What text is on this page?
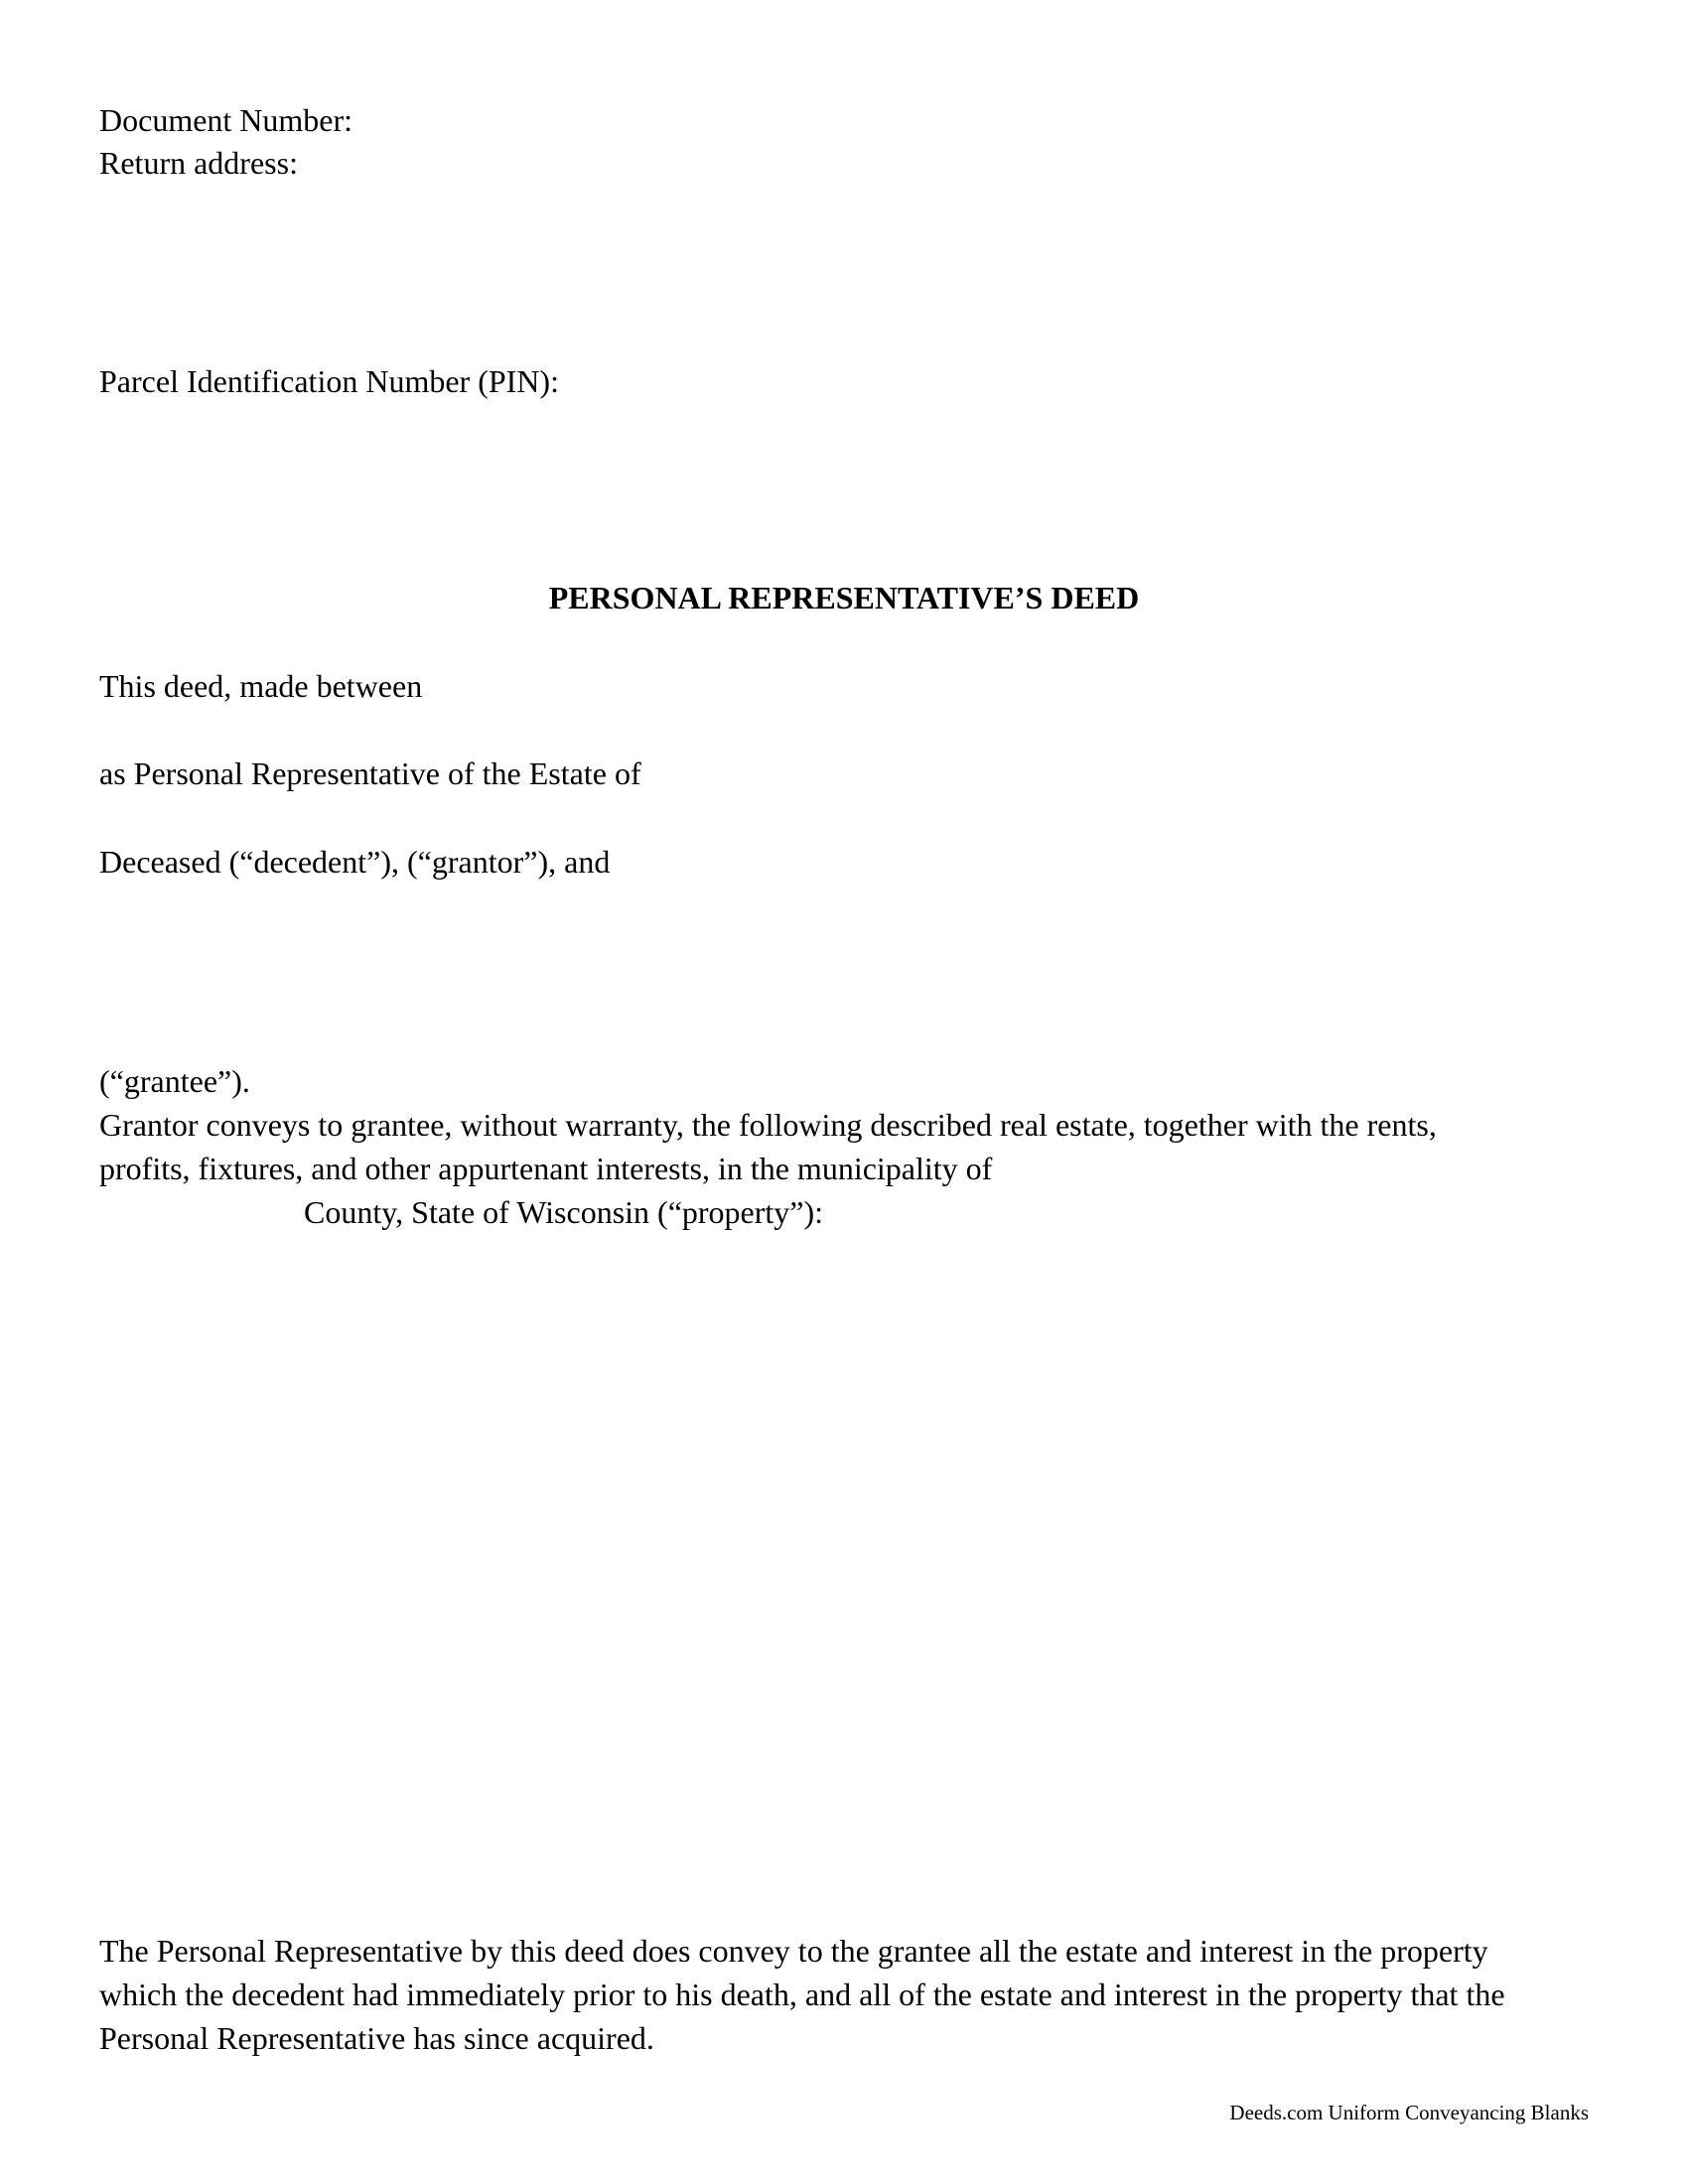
Document Number:

Return address:

Parcel Identification Number (PIN):

PERSONAL REPRESENTATIVE’S DEED

This deed, made between

as Personal Representative of the Estate of

Deceased (“decedent”), (“grantor”), and

(“grantee”).

Grantor conveys to grantee, without warranty, the following described real estate, together with the rents,

profits, fixtures, and other appurtenant interests, in the municipality of

County, State of Wisconsin (“property”):

The Personal Representative by this deed does convey to the grantee all the estate and interest in the property

which the decedent had immediately prior to his death, and all of the estate and interest in the property that the

Personal Representative has since acquired.

Deeds.com Uniform Conveyancing Blanks
